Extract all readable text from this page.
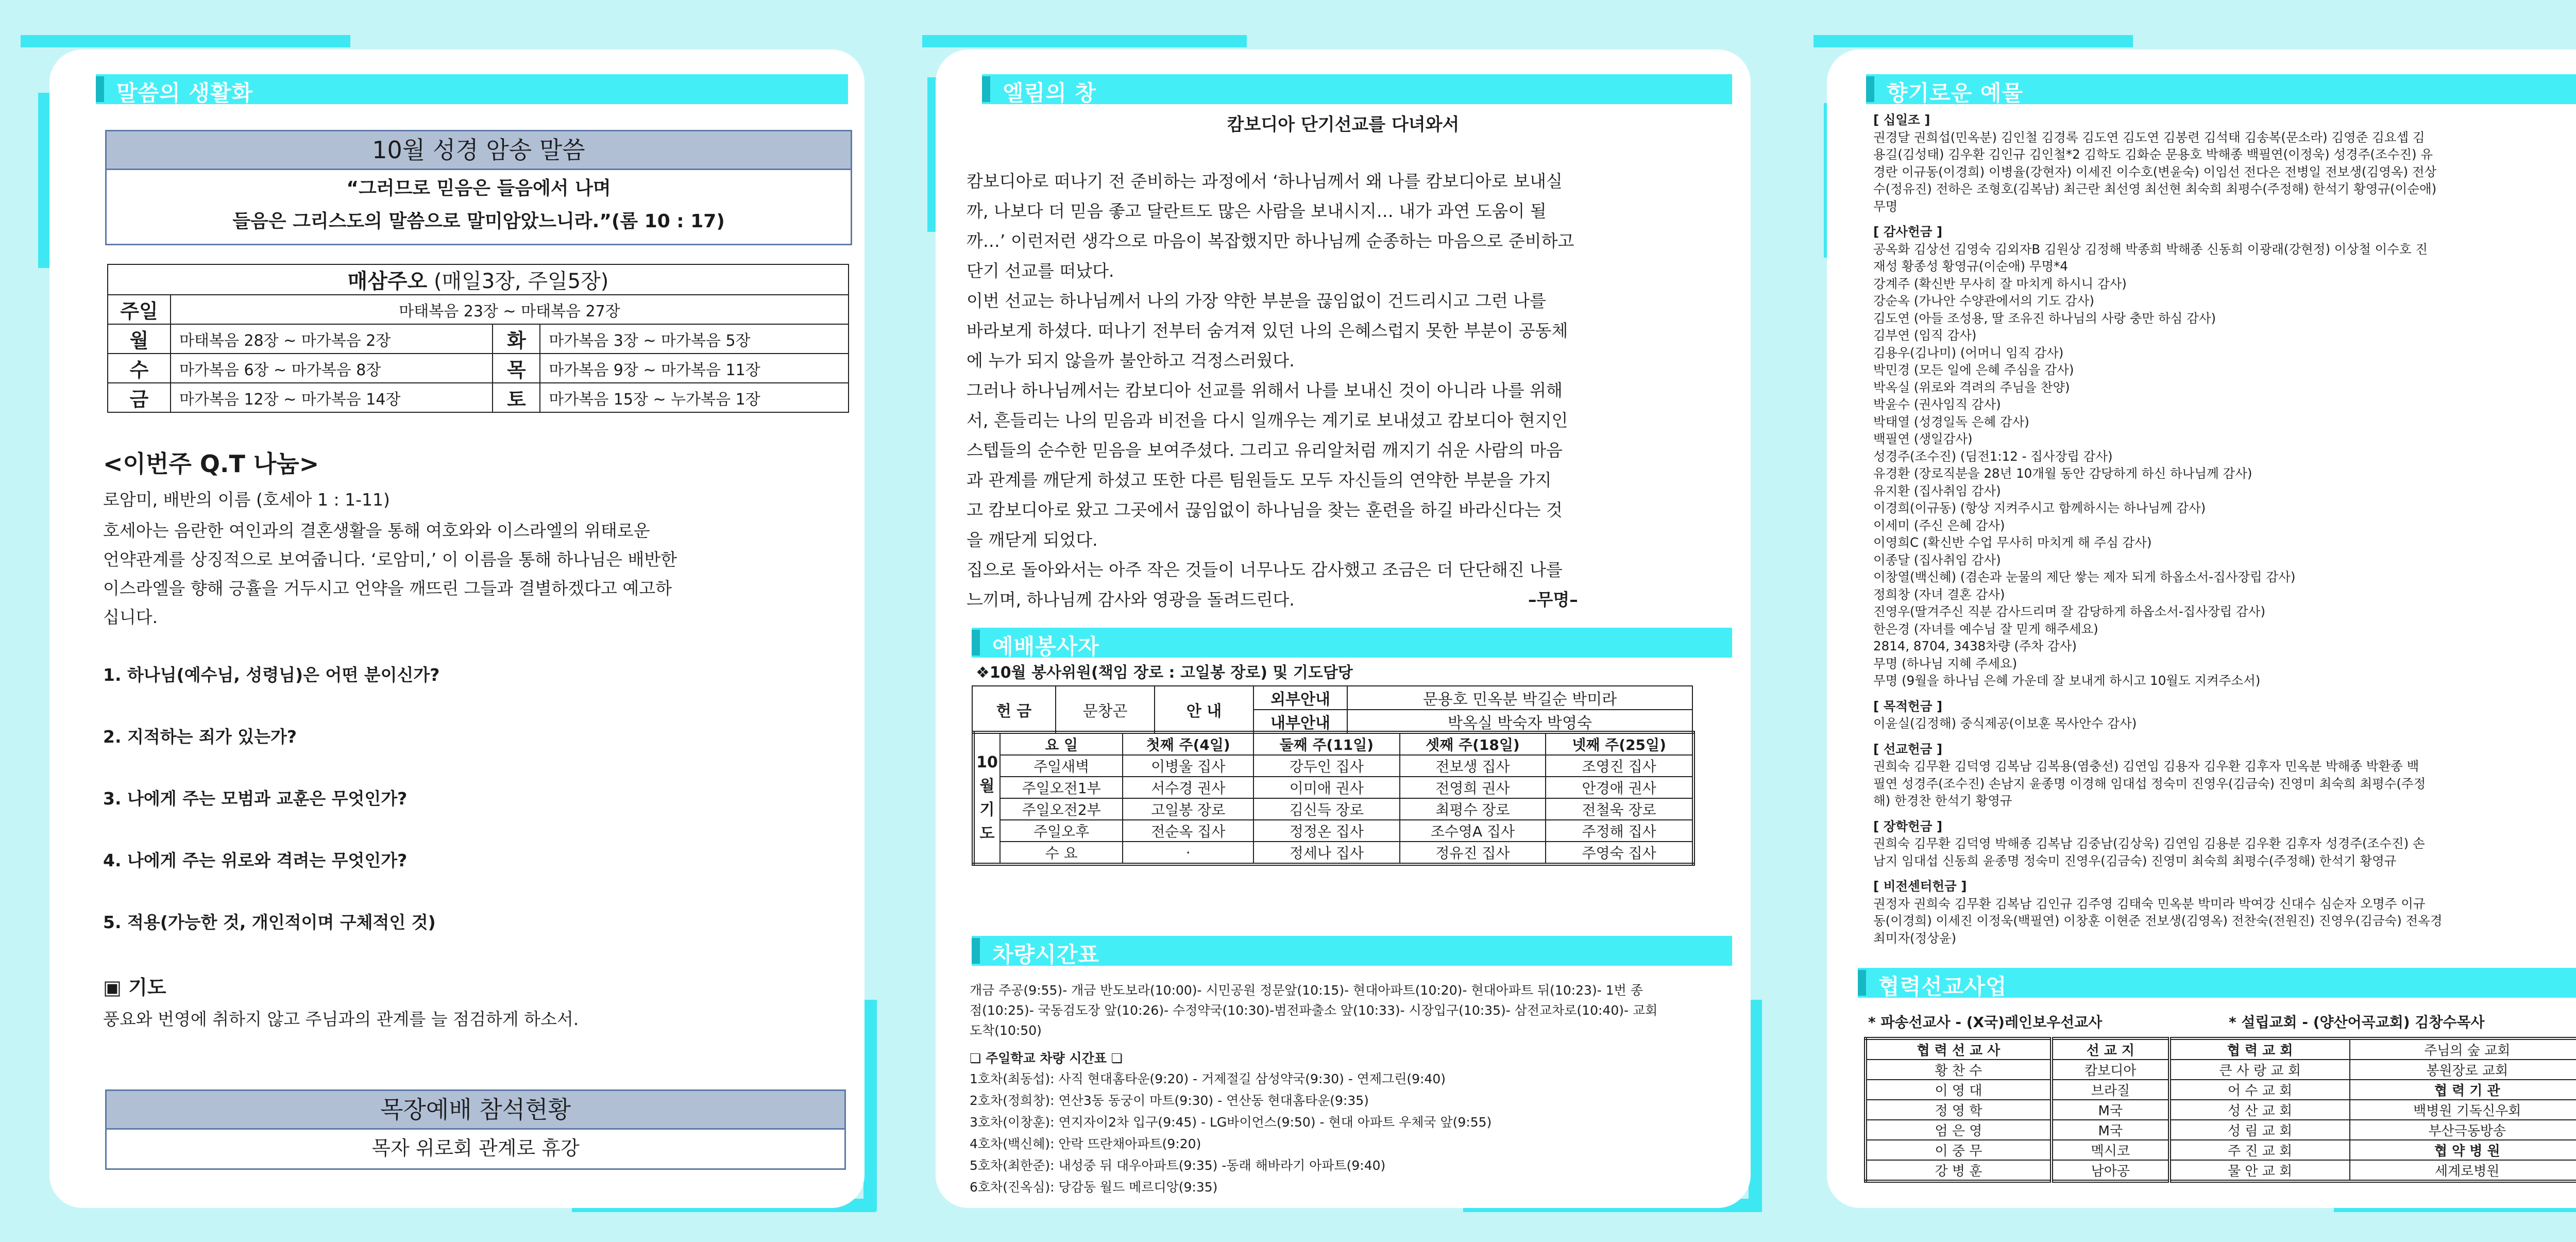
말씀의 생활화
10월 성경 암송 말씀
“그러므로 믿음은 들음에서 나며
들음은 그리스도의 말씀으로 말미암았느니라.”(롬 10 : 17)
매삼주오 (매일3장, 주일5장)			
주일	마태복음 23장 ~ 마태복음 27장		
월	마태복음 28장 ~ 마가복음 2장	화	마가복음 3장 ~ 마가복음 5장
수	마가복음 6장 ~ 마가복음 8장	목	마가복음 9장 ~ 마가복음 11장
금	마가복음 12장 ~ 마가복음 14장	토	마가복음 15장 ~ 누가복음 1장
<이번주 Q.T 나눔>
로암미, 배반의 이름 (호세아 1 : 1-11)
호세아는 음란한 여인과의 결혼생활을 통해 여호와와 이스라엘의 위태로운
언약관계를 상징적으로 보여줍니다. ‘로암미,’ 이 이름을 통해 하나님은 배반한
이스라엘을 향해 긍휼을 거두시고 언약을 깨뜨린 그들과 결별하겠다고 예고하
십니다.
1. 하나님(예수님, 성령님)은 어떤 분이신가?
2. 지적하는 죄가 있는가?
3. 나에게 주는 모범과 교훈은 무엇인가?
4. 나에게 주는 위로와 격려는 무엇인가?
5. 적용(가능한 것, 개인적이며 구체적인 것)
▣ 기도
풍요와 번영에 취하지 않고 주님과의 관계를 늘 점검하게 하소서.
목장예배 참석현황
목자 위로회 관계로 휴강
엘림의 창
캄보디아 단기선교를 다녀와서
캄보디아로 떠나기 전 준비하는 과정에서 ‘하나님께서 왜 나를 캄보디아로 보내실
까, 나보다 더 믿음 좋고 달란트도 많은 사람을 보내시지… 내가 과연 도움이 될
까…’ 이런저런 생각으로 마음이 복잡했지만 하나님께 순종하는 마음으로 준비하고
단기 선교를 떠났다.
이번 선교는 하나님께서 나의 가장 약한 부분을 끊임없이 건드리시고 그런 나를
바라보게 하셨다. 떠나기 전부터 숨겨져 있던 나의 은혜스럽지 못한 부분이 공동체
에 누가 되지 않을까 불안하고 걱정스러웠다.
그러나 하나님께서는 캄보디아 선교를 위해서 나를 보내신 것이 아니라 나를 위해
서, 흔들리는 나의 믿음과 비전을 다시 일깨우는 계기로 보내셨고 캄보디아 현지인
스텝들의 순수한 믿음을 보여주셨다. 그리고 유리알처럼 깨지기 쉬운 사람의 마음
과 관계를 깨닫게 하셨고 또한 다른 팀원들도 모두 자신들의 연약한 부분을 가지
고 캄보디아로 왔고 그곳에서 끊임없이 하나님을 찾는 훈련을 하길 바라신다는 것
을 깨닫게 되었다.
집으로 돌아와서는 아주 작은 것들이 너무나도 감사했고 조금은 더 단단해진 나를
느끼며, 하나님께 감사와 영광을 돌려드린다.	–무명–
예배봉사자
❖10월 봉사위원(책임 장로 : 고일봉 장로) 및 기도담당
헌 금	문창곤	안 내	외부안내	문용호 민옥분 박길순 박미라
			내부안내	박옥실 박숙자 박영숙
10
월
기
도	요 일	첫째 주(4일)	둘째 주(11일)	셋째 주(18일)	넷째 주(25일)
	주일새벽	이병울 집사	강두인 집사	전보생 집사	조영진 집사
	주일오전1부	서수경 권사	이미애 권사	전영희 권사	안경애 권사
	주일오전2부	고일봉 장로	김신득 장로	최평수 장로	전철욱 장로
	주일오후	전순옥 집사	정정온 집사	조수영A 집사	주정해 집사
	수 요	·	정세나 집사	정유진 집사	주영숙 집사
차량시간표
개금 주공(9:55)- 개금 반도보라(10:00)- 시민공원 정문앞(10:15)- 현대아파트(10:20)- 현대아파트 뒤(10:23)- 1번 종
점(10:25)- 국동검도장 앞(10:26)- 수정약국(10:30)-범전파출소 앞(10:33)- 시장입구(10:35)- 삼전교차로(10:40)- 교회
도착(10:50)
❏ 주일학교 차량 시간표 ❏
1호차(최동섭): 사직 현대홈타운(9:20) - 거제절길 삼성약국(9:30) - 연제그린(9:40)
2호차(정희창): 연산3동 동궁이 마트(9:30) - 연산동 현대홈타운(9:35)
3호차(이창훈): 연지자이2차 입구(9:45) - LG바이언스(9:50) - 현대 아파트 우체국 앞(9:55)
4호차(백신혜): 안락 뜨란채아파트(9:20)
5호차(최한준): 내성중 뒤 대우아파트(9:35) -동래 해바라기 아파트(9:40)
6호차(진옥심): 당감동 월드 메르디앙(9:35)
향기로운 예물
[ 십일조 ]
권경달 권희섭(민옥분) 김인철 김경록 김도연 김도연 김봉련 김석태 김송복(문소라) 김영준 김요셉 김
용길(김성태) 김우환 김인규 김인철*2 김학도 김화순 문용호 박해종 백필연(이정욱) 성경주(조수진) 유
경란 이규동(이경희) 이병율(강현자) 이세진 이수호(변윤숙) 이임선 전다은 전병일 전보생(김영옥) 전상
수(정유진) 전하은 조형호(김복남) 최근란 최선영 최선현 최숙희 최평수(주정해) 한석기 황영규(이순애)
무명
[ 감사헌금 ]
공옥화 김상선 김영숙 김외자B 김원상 김정해 박종희 박해종 신동희 이광래(강현정) 이상철 이수호 진
재성 황종성 황영규(이순애) 무명*4
강계주 (확신반 무사히 잘 마치게 하시니 감사)
강순옥 (가나안 수양관에서의 기도 감사)
김도연 (아들 조성용, 딸 조유진 하나님의 사랑 충만 하심 감사)
김부연 (임직 감사)
김용우(김나미) (어머니 임직 감사)
박민경 (모든 일에 은혜 주심을 감사)
박옥실 (위로와 격려의 주님을 찬양)
박윤수 (권사임직 감사)
박태열 (성경일독 은혜 감사)
백필연 (생일감사)
성경주(조수진) (딤전1:12 - 집사장립 감사)
유경환 (장로직분을 28년 10개월 동안 감당하게 하신 하나님께 감사)
유지환 (집사취임 감사)
이경희(이규동) (항상 지켜주시고 함께하시는 하나님께 감사)
이세미 (주신 은혜 감사)
이영희C (확신반 수업 무사히 마치게 해 주심 감사)
이종달 (집사취임 감사)
이창열(백신혜) (겸손과 눈물의 제단 쌓는 제자 되게 하옵소서-집사장립 감사)
정희창 (자녀 결혼 감사)
진영우(딸겨주신 직분 감사드리며 잘 감당하게 하옵소서-집사장립 감사)
한은경 (자녀를 예수님 잘 믿게 해주세요)
2814, 8704, 3438차량 (주차 감사)
무명 (하나님 지혜 주세요)
무명 (9월을 하나님 은혜 가운데 잘 보내게 하시고 10월도 지켜주소서)
[ 목적헌금 ]
이윤실(김정해) 중식제공(이보훈 목사안수 감사)
[ 선교헌금 ]
권희숙 김무환 김덕영 김복남 김복용(염충선) 김연임 김용자 김우환 김후자 민옥분 박해종 박환종 백
필연 성경주(조수진) 손남지 윤종명 이경해 임대섭 정숙미 진영우(김금숙) 진영미 최숙희 최평수(주정
해) 한경찬 한석기 황영규
[ 장학헌금 ]
권희숙 김무환 김덕영 박해종 김복남 김중남(김상욱) 김연임 김용분 김우환 김후자 성경주(조수진) 손
남지 임대섭 신동희 윤종명 정숙미 진영우(김금숙) 진영미 최숙희 최평수(주정해) 한석기 황영규
[ 비전센터헌금 ]
권정자 권희숙 김무환 김복남 김인규 김주영 김태숙 민옥분 박미라 박여강 신대수 심순자 오명주 이규
동(이경희) 이세진 이정욱(백필연) 이창훈 이현준 전보생(김영옥) 전찬숙(전원진) 진영우(김금숙) 전옥경
최미자(정상윤)
협력선교사업
* 파송선교사 - (X국)레인보우선교사	* 설립교회 - (양산어곡교회) 김창수목사
협 력 선 교 사	선 교 지	협 력 교 회	주님의 숲 교회
황 찬 수	캄보디아	큰 사 랑 교 회	봉원장로 교회
이 영 대	브라질	어 수 교 회	협 력 기 관
정 영 학	M국	성 산 교 회	백병원 기독신우회
엄 은 영	M국	성 림 교 회	부산극동방송
이 중 무	멕시코	주 진 교 회	협 약 병 원
강 병 훈	남아공	물 안 교 회	세계로병원
